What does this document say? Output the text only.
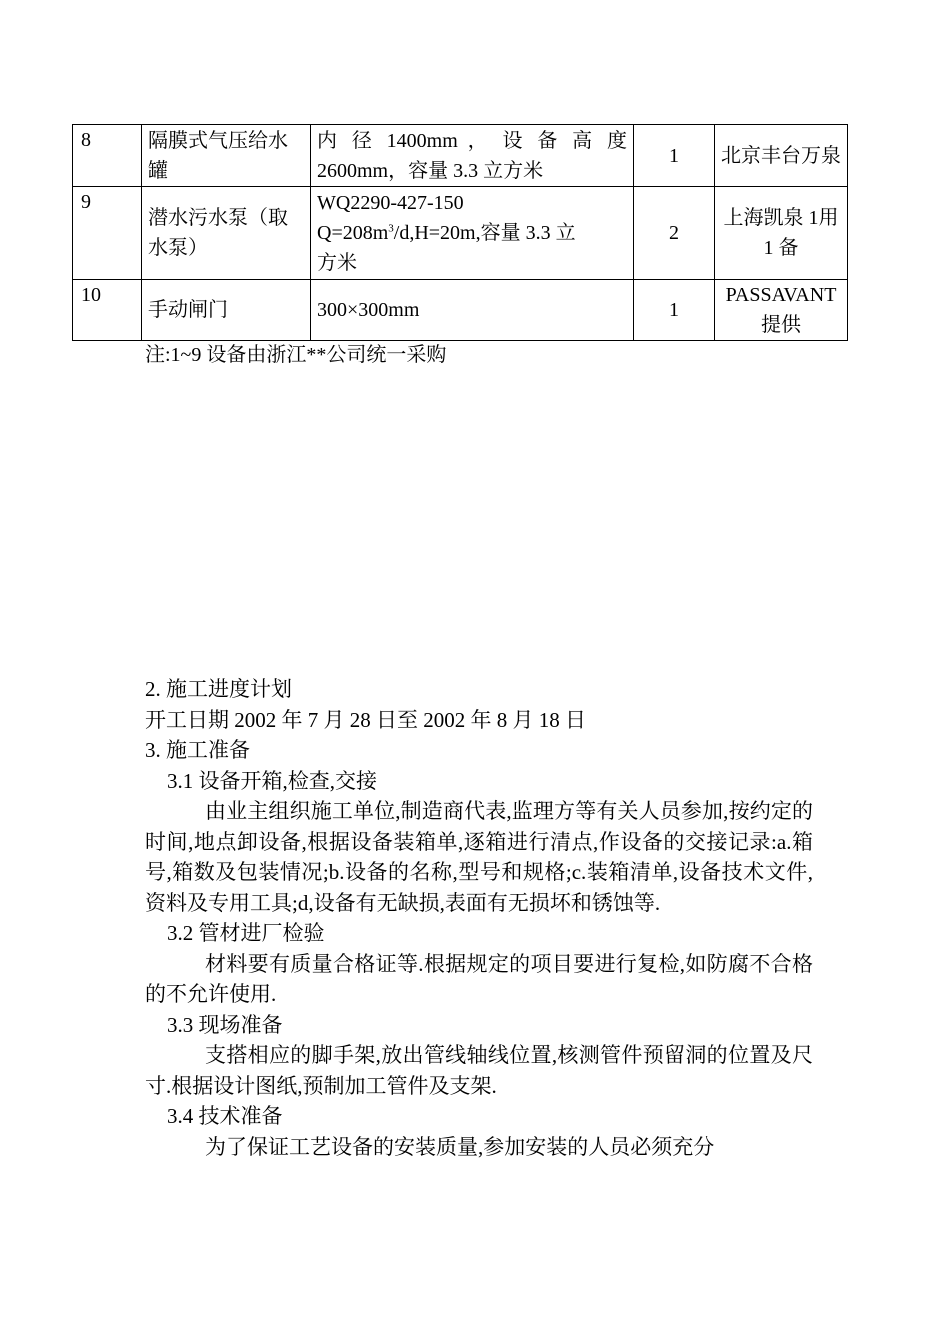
8	隔膜式气压给水罐	内 径 1400mm ， 设 备 高 度
2600mm，容量 3.3 立方米	1	北京丰台万泉
9	潜水污水泵（取水泵）	WQ2290-427-150
$Q=208m^3/d,H=20m$,容量 3.3 立
方米	2	上海凯泉 1用 1 备
10	手动闸门	300×300mm	1	PASSAVANT 提供
注:1~9 设备由浙江**公司统一采购

2. 施工进度计划

开工日期 2002 年 7 月 28 日至 2002 年 8 月 18 日

3. 施工准备

3.1 设备开箱,检查,交接

由业主组织施工单位,制造商代表,监理方等有关人员参加,按约定的时间,地点卸设备,根据设备装箱单,逐箱进行清点,作设备的交接记录:a.箱号,箱数及包装情况;b.设备的名称,型号和规格;c.装箱清单,设备技术文件,资料及专用工具;d,设备有无缺损,表面有无损坏和锈蚀等.

3.2 管材进厂检验

材料要有质量合格证等.根据规定的项目要进行复检,如防腐不合格的不允许使用.

3.3 现场准备

支搭相应的脚手架,放出管线轴线位置,核测管件预留洞的位置及尺寸.根据设计图纸,预制加工管件及支架.

3.4 技术准备

为了保证工艺设备的安装质量,参加安装的人员必须充分
